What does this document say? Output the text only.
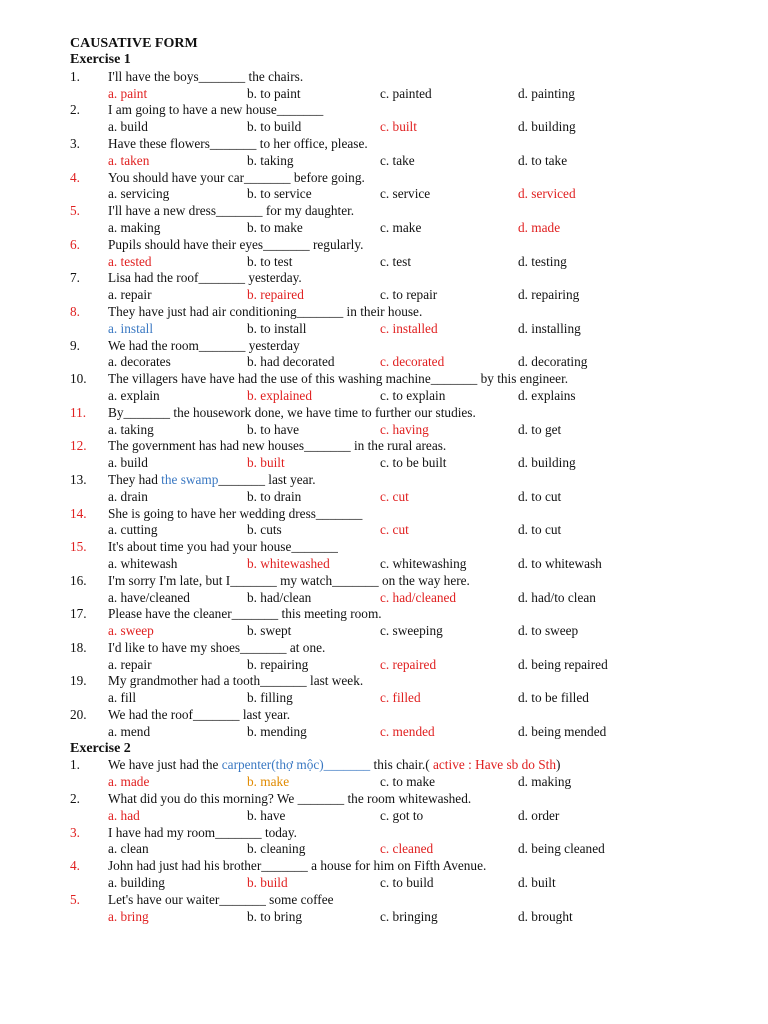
CAUSATIVE FORM
Exercise 1
1. I'll have the boys_______ the chairs.
a. paint	b. to paint	c. painted	d. painting
2. I am going to have a new house_______
a. build	b. to build	c. built	d. building
3. Have these flowers_______ to her office, please.
a. taken	b. taking	c. take	d. to take
4. You should have your car_______ before going.
a. servicing	b. to service	c. service	d. serviced
5. I'll have a new dress_______ for my daughter.
a. making	b. to make	c. make	d. made
6. Pupils should have their eyes_______ regularly.
a. tested	b. to test	c. test	d. testing
7. Lisa had the roof_______ yesterday.
a. repair	b. repaired	c. to repair	d. repairing
8. They have just had air conditioning_______ in their house.
a. install	b. to install	c. installed	d. installing
9. We had the room_______ yesterday
a. decorates	b. had decorated	c. decorated	d. decorating
10. The villagers have have had the use of this washing machine_______ by this engineer.
a. explain	b. explained	c. to explain	d. explains
11. By_______ the housework done, we have time to further our studies.
a. taking	b. to have	c. having	d. to get
12. The government has had new houses_______ in the rural areas.
a. build	b. built	c. to be built	d. building
13. They had the swamp_______ last year.
a. drain	b. to drain	c. cut	d. to cut
14. She is going to have her wedding dress_______
a. cutting	b. cuts	c. cut	d. to cut
15. It's about time you had your house_______
a. whitewash	b. whitewashed	c. whitewashing	d. to whitewash
16. I'm sorry I'm late, but I_______ my watch_______ on the way here.
a. have/cleaned	b. had/clean	c. had/cleaned	d. had/to clean
17. Please have the cleaner_______ this meeting room.
a. sweep	b. swept	c. sweeping	d. to sweep
18. I'd like to have my shoes_______ at one.
a. repair	b. repairing	c. repaired	d. being repaired
19. My grandmother had a tooth_______ last week.
a. fill	b. filling	c. filled	d. to be filled
20. We had the roof_______ last year.
a. mend	b. mending	c. mended	d. being mended
Exercise 2
1. We have just had the carpenter(thợ mộc)_______ this chair.( active : Have sb do Sth)
a. made	b. make	c. to make	d. making
2. What did you do this morning? We _______ the room whitewashed.
a. had	b. have	c. got to	d. order
3. I have had my room_______ today.
a. clean	b. cleaning	c. cleaned	d. being cleaned
4. John had just had his brother_______ a house for him on Fifth Avenue.
a. building	b. build	c. to build	d. built
5. Let's have our waiter_______ some coffee
a. bring	b. to bring	c. bringing	d. brought
